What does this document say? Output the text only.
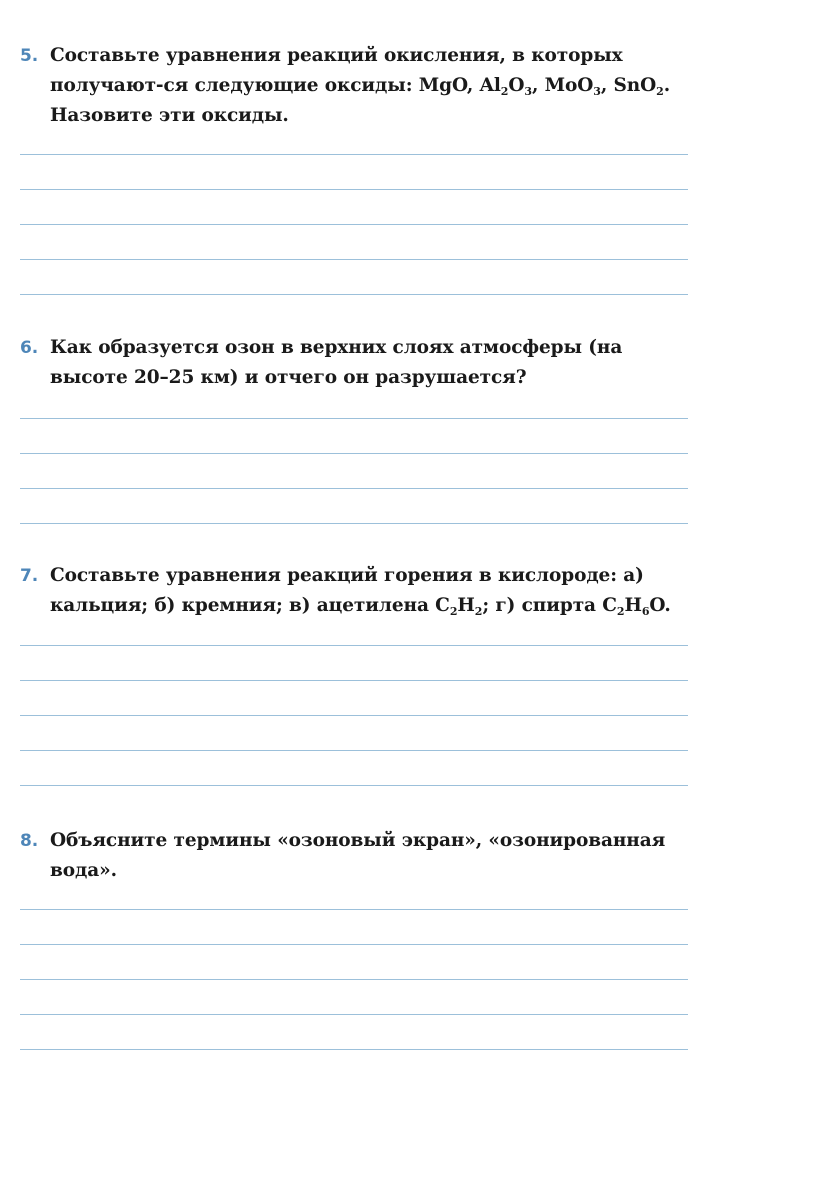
5. Составьте уравнения реакций окисления, в которых получают-ся следующие оксиды: MgO, $Al_2O_3$, MoO$_3$, SnO$_2$. Назовите эти оксиды.
6. Как образуется озон в верхних слоях атмосферы (на высоте 20–25 км) и отчего он разрушается?
7. Составьте уравнения реакций горения в кислороде: а) кальция; б) кремния; в) ацетилена $C_2H_2$; г) спирта $C_2H_6O$.
8. Объясните термины «озоновый экран», «озонированная вода».
